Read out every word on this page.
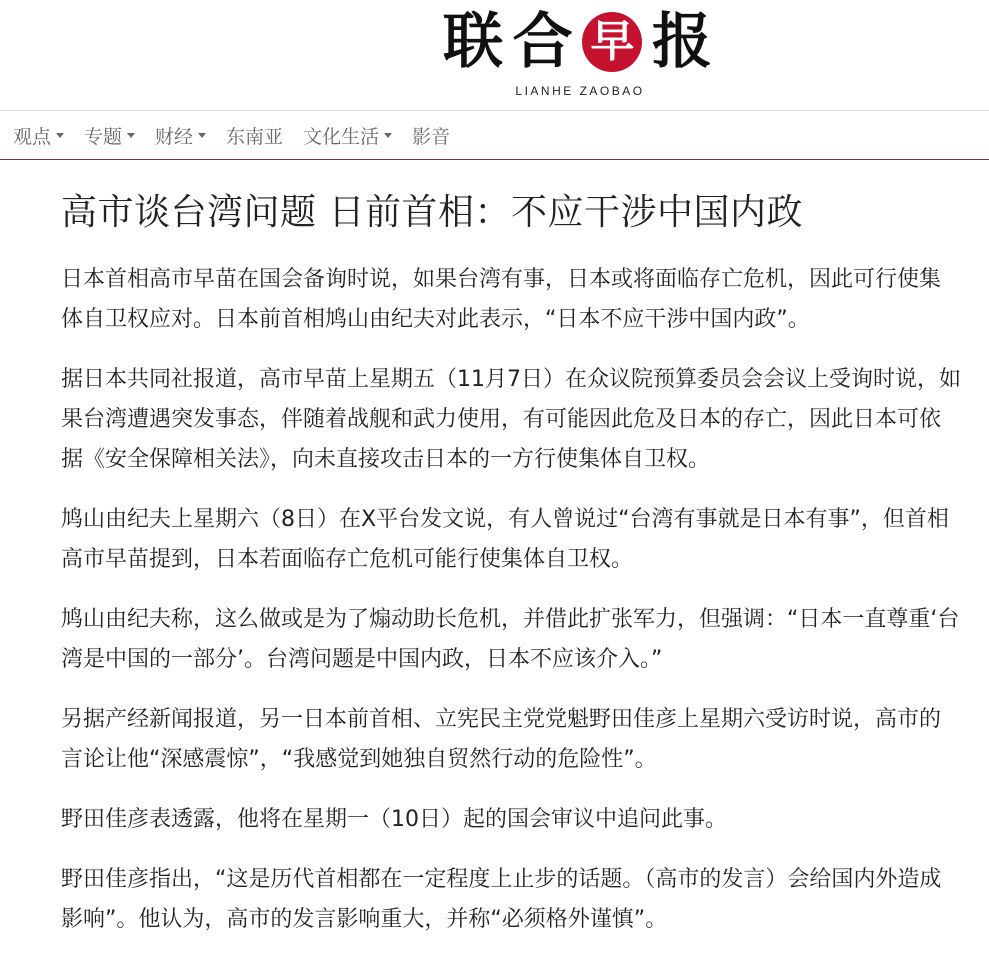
联 合 早 报
LIANHE ZAOBAO
观点 专题 财经 东南亚 文化生活 影音
高市谈台湾问题 日前首相：不应干涉中国内政

日本首相高市早苗在国会备询时说，如果台湾有事，日本或将面临存亡危机，因此可行使集体自卫权应对。日本前首相鸠山由纪夫对此表示，“日本不应干涉中国内政”。

据日本共同社报道，高市早苗上星期五（11月7日）在众议院预算委员会会议上受询时说，如果台湾遭遇突发事态，伴随着战舰和武力使用，有可能因此危及日本的存亡，因此日本可依据《安全保障相关法》，向未直接攻击日本的一方行使集体自卫权。

鸠山由纪夫上星期六（8日）在X平台发文说，有人曾说过“台湾有事就是日本有事”，但首相高市早苗提到，日本若面临存亡危机可能行使集体自卫权。

鸠山由纪夫称，这么做或是为了煽动助长危机，并借此扩张军力，但强调：“日本一直尊重‘台湾是中国的一部分’。台湾问题是中国内政，日本不应该介入。”

另据产经新闻报道，另一日本前首相、立宪民主党党魁野田佳彦上星期六受访时说，高市的言论让他“深感震惊”，“我感觉到她独自贸然行动的危险性”。

野田佳彦表透露，他将在星期一（10日）起的国会审议中追问此事。

野田佳彦指出，“这是历代首相都在一定程度上止步的话题。（高市的发言）会给国内外造成影响”。他认为，高市的发言影响重大，并称“必须格外谨慎”。
